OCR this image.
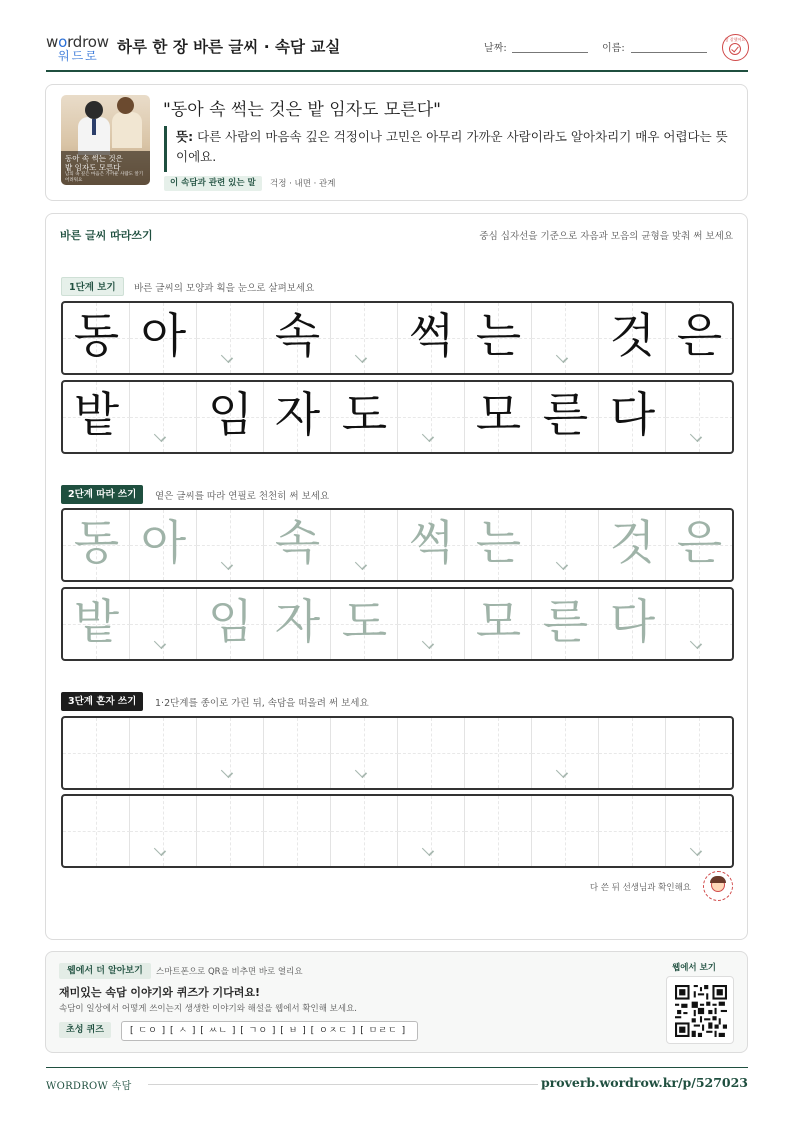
wordrow
워드로 하루 한 장 바른 글씨 · 속담 교실	날짜:	이름:
참 잘했어요
동아 속 썩는 것은
밭 임자도 모른다
남의 속 깊은 마음은 가까운 사람도 알기 어려워요
"동아 속 썩는 것은 밭 임자도 모른다"
뜻: 다른 사람의 마음속 깊은 걱정이나 고민은 아무리 가까운 사람이라도 알아차리기 매우 어렵다는 뜻이에요.
이 속담과 관련 있는 말	걱정 · 내면 · 관계
바른 글씨 따라쓰기	중심 십자선을 기준으로 자음과 모음의 균형을 맞춰 써 보세요
1단계 보기	바른 글씨의 모양과 획을 눈으로 살펴보세요
동 아 속 썩 는 것 은
밭 임 자 도 모 른 다
2단계 따라 쓰기	옅은 글씨를 따라 연필로 천천히 써 보세요
동 아 속 썩 는 것 은
밭 임 자 도 모 른 다
3단계 혼자 쓰기	1·2단계를 종이로 가린 뒤, 속담을 떠올려 써 보세요
다 쓴 뒤 선생님과 확인해요
웹에서 더 알아보기	스마트폰으로 QR을 비추면 바로 열리요
재미있는 속담 이야기와 퀴즈가 기다려요!
속담이 일상에서 어떻게 쓰이는지 생생한 이야기와 해설을 웹에서 확인해 보세요.
초성 퀴즈	[ ㄷㅇ ] [ ㅅ ] [ ㅆㄴ ] [ ㄱㅇ ] [ ㅂ ] [ ㅇㅈㄷ ] [ ㅁㄹㄷ ]
웹에서 보기
WORDROW 속담	proverb.wordrow.kr/p/527023
